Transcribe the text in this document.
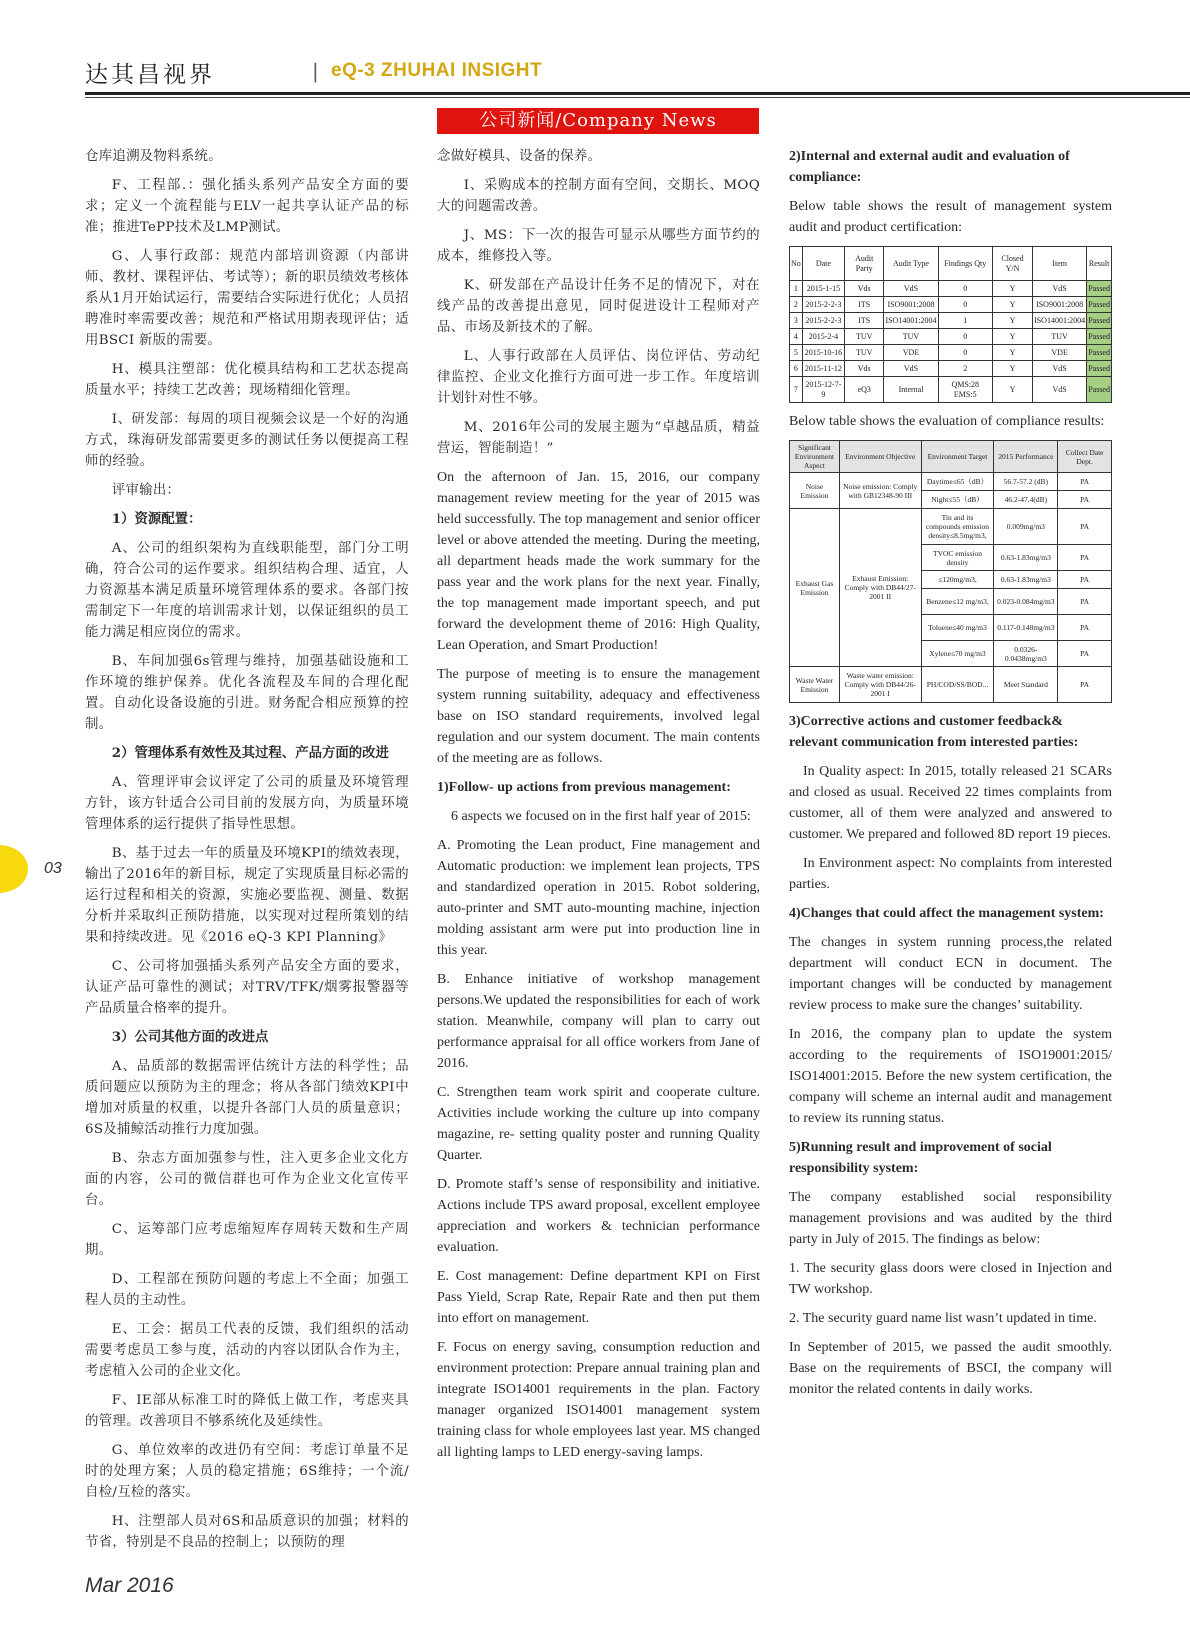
达其昌视界	| eQ-3 ZHUHAI INSIGHT
公司新闻/Company News
03

仓库追溯及物料系统。

F、工程部.：强化插头系列产品安全方面的要求；定义一个流程能与ELV一起共享认证产品的标准；推进TePP技术及LMP测试。

G、人事行政部：规范内部培训资源（内部讲师、教材、课程评估、考试等）；新的职员绩效考核体系从1月开始试运行，需要结合实际进行优化；人员招聘准时率需要改善；规范和严格试用期表现评估；适用BSCI 新版的需要。

H、模具注塑部：优化模具结构和工艺状态提高质量水平；持续工艺改善；现场精细化管理。

I、研发部：每周的项目视频会议是一个好的沟通方式，珠海研发部需要更多的测试任务以便提高工程师的经验。

评审输出：

1）资源配置：

A、公司的组织架构为直线职能型，部门分工明确，符合公司的运作要求。组织结构合理、适宜，人力资源基本满足质量环境管理体系的要求。各部门按需制定下一年度的培训需求计划，以保证组织的员工能力满足相应岗位的需求。

B、车间加强6s管理与维持，加强基础设施和工作环境的维护保养。优化各流程及车间的合理化配置。自动化设备设施的引进。财务配合相应预算的控制。

2）管理体系有效性及其过程、产品方面的改进

A、管理评审会议评定了公司的质量及环境管理方针，该方针适合公司目前的发展方向，为质量环境管理体系的运行提供了指导性思想。

B、基于过去一年的质量及环境KPI的绩效表现，输出了2016年的新目标，规定了实现质量目标必需的运行过程和相关的资源，实施必要监视、测量、数据分析并采取纠正预防措施，以实现对过程所策划的结果和持续改进。见《2016 eQ-3 KPI Planning》

C、公司将加强插头系列产品安全方面的要求，认证产品可靠性的测试；对TRV/TFK/烟雾报警器等产品质量合格率的提升。

3）公司其他方面的改进点

A、品质部的数据需评估统计方法的科学性；品质问题应以预防为主的理念；将从各部门绩效KPI中增加对质量的权重，以提升各部门人员的质量意识；6S及捕鲸活动推行力度加强。

B、杂志方面加强参与性，注入更多企业文化方面的内容，公司的微信群也可作为企业文化宣传平台。

C、运筹部门应考虑缩短库存周转天数和生产周期。

D、工程部在预防问题的考虑上不全面；加强工程人员的主动性。

E、工会：据员工代表的反馈，我们组织的活动需要考虑员工参与度，活动的内容以团队合作为主，考虑植入公司的企业文化。

F、IE部从标准工时的降低上做工作，考虑夹具的管理。改善项目不够系统化及延续性。

G、单位效率的改进仍有空间：考虑订单量不足时的处理方案；人员的稳定措施；6S维持；一个流/自检/互检的落实。

H、注塑部人员对6S和品质意识的加强；材料的节省，特别是不良品的控制上；以预防的理

念做好模具、设备的保养。

I、采购成本的控制方面有空间，交期长、MOQ大的问题需改善。

J、MS：下一次的报告可显示从哪些方面节约的成本，维修投入等。

K、研发部在产品设计任务不足的情况下，对在线产品的改善提出意见，同时促进设计工程师对产品、市场及新技术的了解。

L、人事行政部在人员评估、岗位评估、劳动纪律监控、企业文化推行方面可进一步工作。年度培训计划针对性不够。

M、2016年公司的发展主题为“卓越品质，精益营运，智能制造！”

On the afternoon of Jan. 15, 2016, our company management review meeting for the year of 2015 was held successfully. The top management and senior officer level or above attended the meeting. During the meeting, all department heads made the work summary for the pass year and the work plans for the next year. Finally, the top management made important speech, and put forward the development theme of 2016: High Quality, Lean Operation, and Smart Production!

The purpose of meeting is to ensure the management system running suitability, adequacy and effectiveness base on ISO standard requirements, involved legal regulation and our system document. The main contents of the meeting are as follows.

1)Follow- up actions from previous management:

6 aspects we focused on in the first half year of 2015:

A. Promoting the Lean product, Fine management and Automatic production: we implement lean projects, TPS and standardized operation in 2015. Robot soldering, auto-printer and SMT auto-mounting machine, injection molding assistant arm were put into production line in this year.

B. Enhance initiative of workshop management persons.We updated the responsibilities for each of work station. Meanwhile, company will plan to carry out performance appraisal for all office workers from Jane of 2016.

C. Strengthen team work spirit and cooperate culture. Activities include working the culture up into company magazine, re- setting quality poster and running Quality Quarter.

D. Promote staff’s sense of responsibility and initiative. Actions include TPS award proposal, excellent employee appreciation and workers & technician performance evaluation.

E. Cost management: Define department KPI on First Pass Yield, Scrap Rate, Repair Rate and then put them into effort on management.

F. Focus on energy saving, consumption reduction and environment protection: Prepare annual training plan and integrate ISO14001 requirements in the plan. Factory manager organized ISO14001 management system training class for whole employees last year. MS changed all lighting lamps to LED energy-saving lamps.

2)Internal and external audit and evaluation of compliance:

Below table shows the result of management system audit and product certification:

No	Date	Audit Party	Audit Type	Findings Qty	Closed Y/N	Item	Result
1	2015-1-15	Vds	VdS	0	Y	VdS	Passed
2	2015-2-2-3	ITS	ISO9001:2008	0	Y	ISO9001:2008	Passed
3	2015-2-2-3	ITS	ISO14001:2004	1	Y	ISO14001:2004	Passed
4	2015-2-4	TUV	TUV	0	Y	TUV	Passed
5	2015-10-16	TUV	VDE	0	Y	VDE	Passed
6	2015-11-12	Vds	VdS	2	Y	VdS	Passed
7	2015-12-7-9	eQ3	Internal	QMS:28 EMS:5	Y	VdS	Passed

Below table shows the evaluation of compliance results:

Significant Environment Aspect	Environment Objective	Environment Target	2015 Performance	Collect Date Dept.
Noise Emission	Noise emission: Comply with GB12348-90 III	Daytime≤65（dB）	56.7-57.2 (dB)	PA
		Night≤55（dB）	46.2-47.4(dB)	PA
Exhaust Gas Emission	Exhaust Emission: Comply with DB44/27-2001 II	Tin and its compounds emission density≤8.5mg/m3,	0.009mg/m3	PA
		TVOC emission density	0.63-1.83mg/m3	PA
		≤120mg/m3,	0.63-1.83mg/m3	PA
		Benzene≤12 mg/m3,	0.023-0.084mg/m3	PA
		Toluene≤40 mg/m3	0.117-0.148mg/m3	PA
		Xylene≤70 mg/m3	0.0326-0.0438mg/m3	PA
Waste Water Emission	Waste water emission: Comply with DB44/26-2001 I	PH/COD/SS/BOD...	Meet Standard	PA

3)Corrective actions and customer feedback& relevant communication from interested parties:

In Quality aspect: In 2015, totally released 21 SCARs and closed as usual. Received 22 times complaints from customer, all of them were analyzed and answered to customer. We prepared and followed 8D report 19 pieces.

In Environment aspect: No complaints from interested parties.

4)Changes that could affect the management system:

The changes in system running process,the related department will conduct ECN in document. The important changes will be conducted by management review process to make sure the changes’ suitability.

In 2016, the company plan to update the system according to the requirements of ISO19001:2015/ ISO14001:2015. Before the new system certification, the company will scheme an internal audit and management to review its running status.

5)Running result and improvement of social responsibility system:

The company established social responsibility management provisions and was audited by the third party in July of 2015. The findings as below:

1. The security glass doors were closed in Injection and TW workshop.

2. The security guard name list wasn’t updated in time.

In September of 2015, we passed the audit smoothly. Base on the requirements of BSCI, the company will monitor the related contents in daily works.

Mar 2016
